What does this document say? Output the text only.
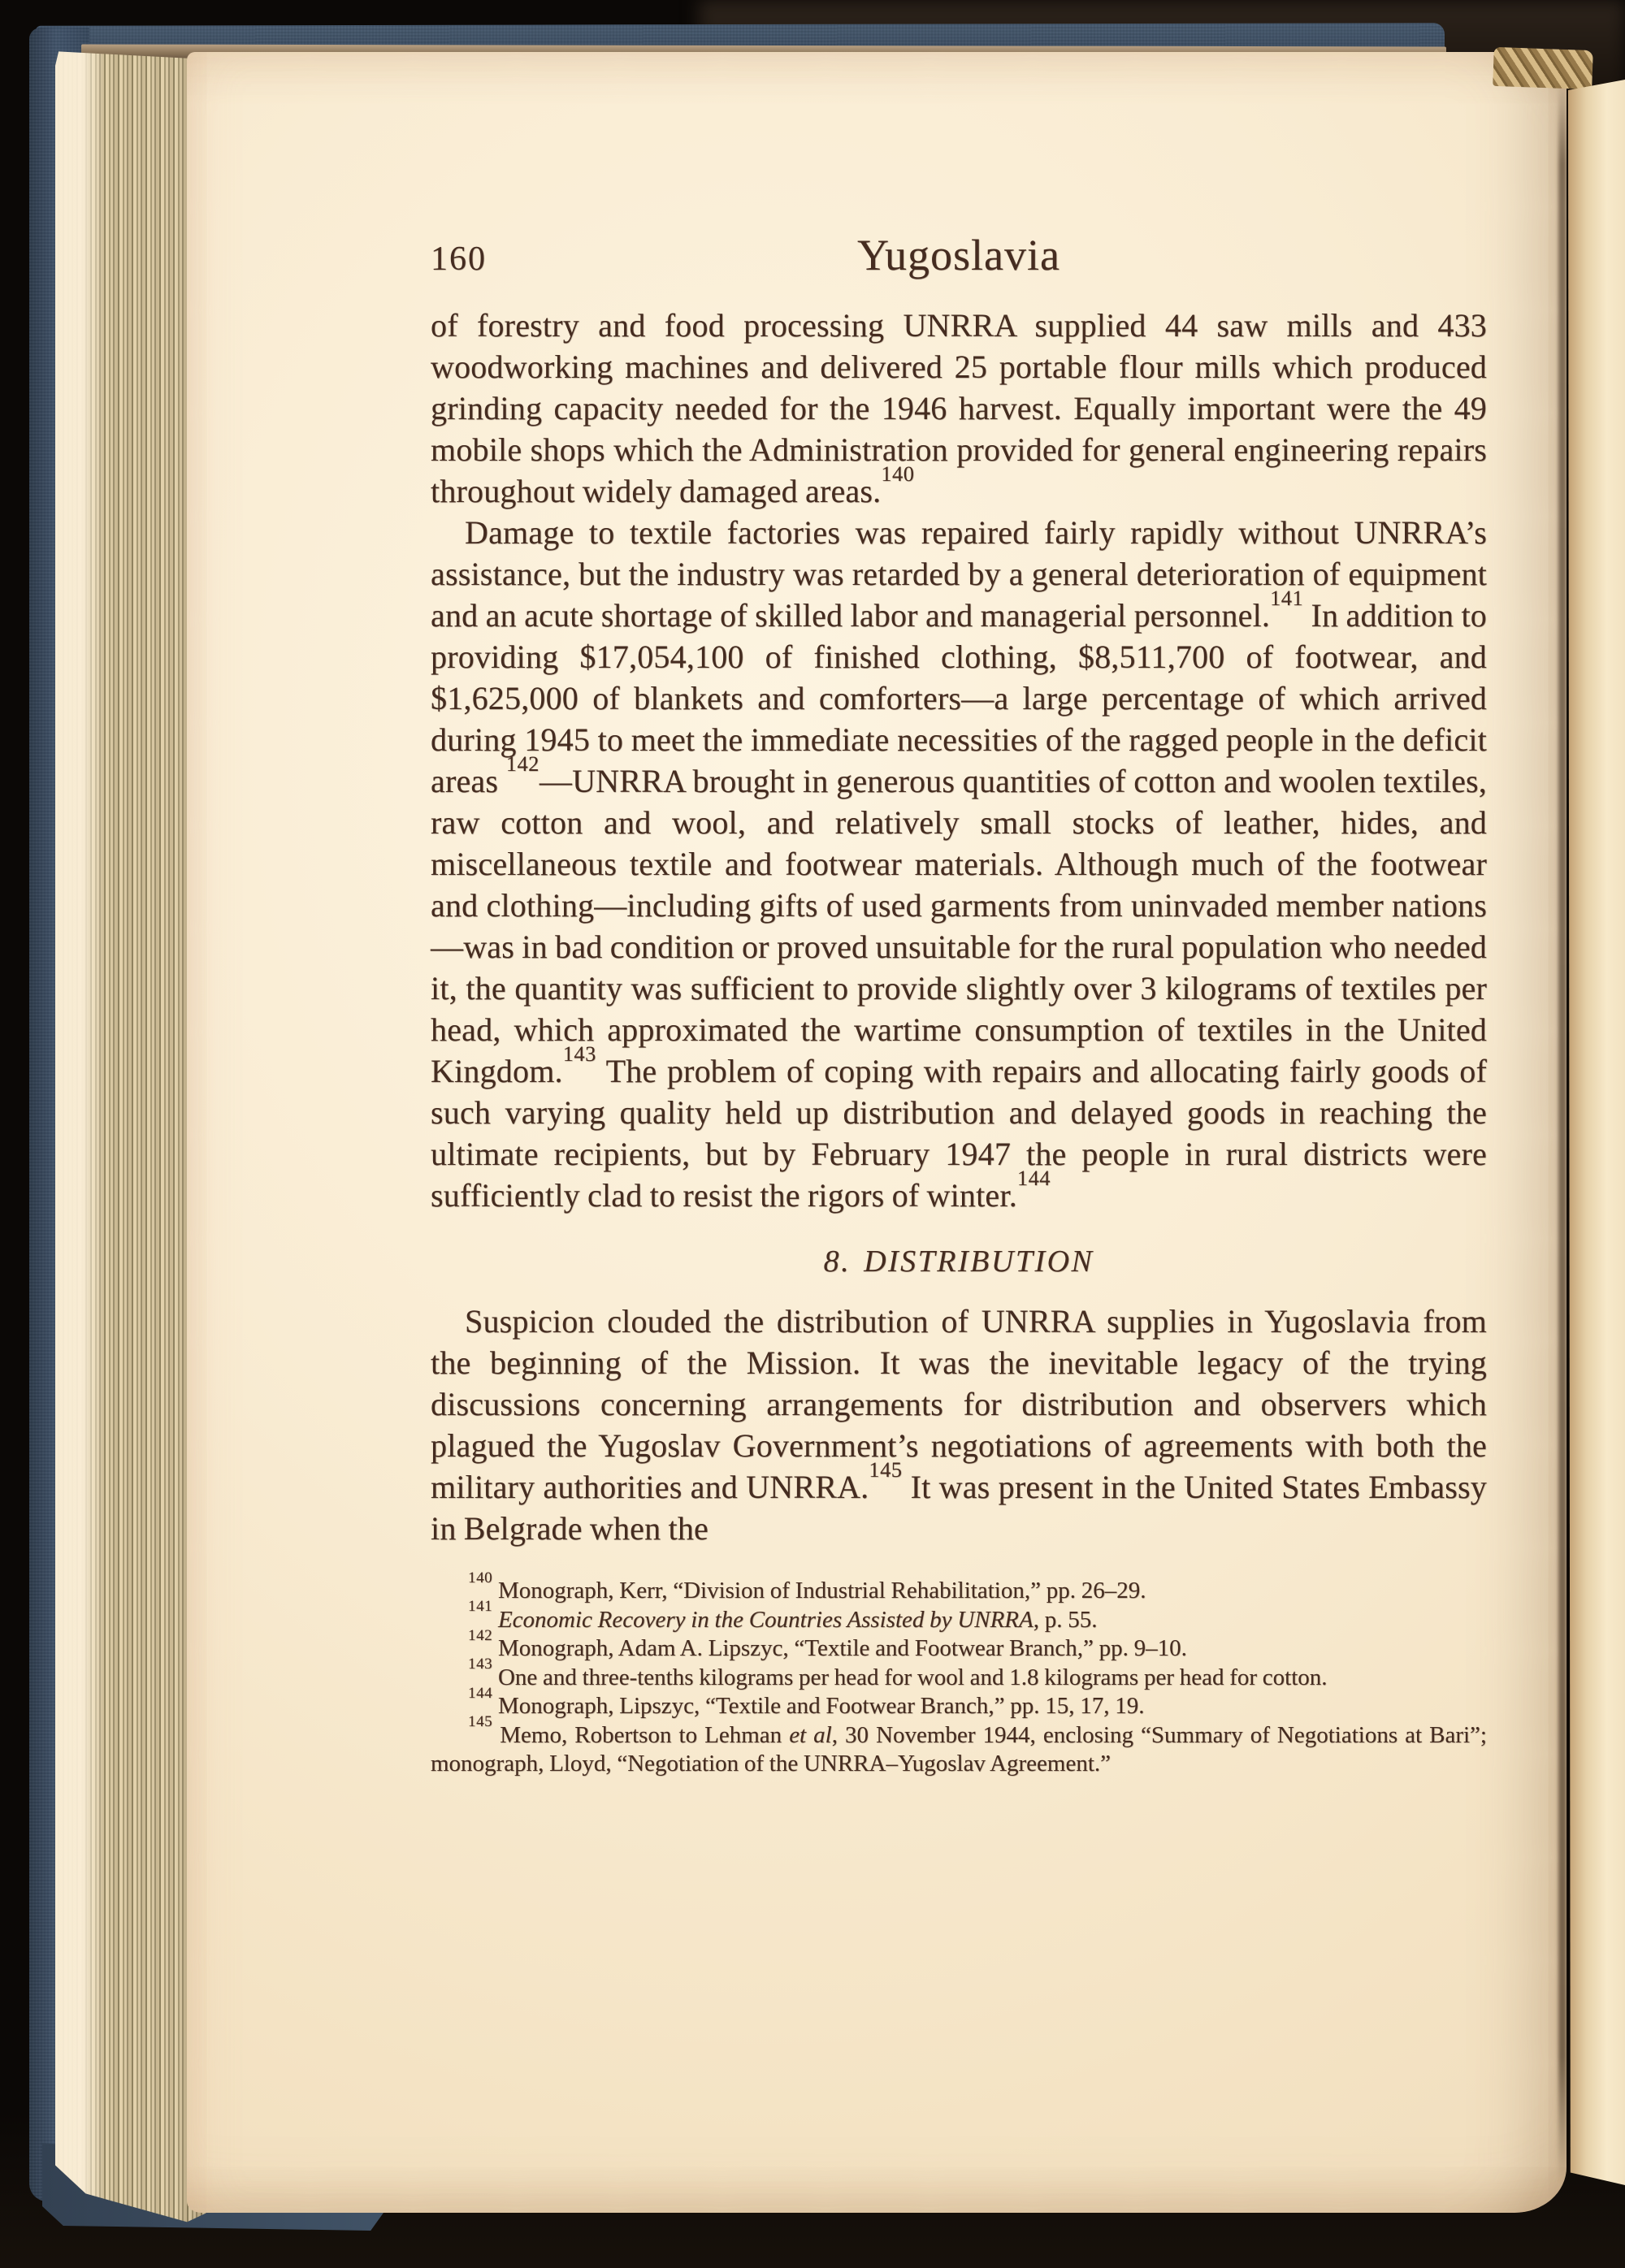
160	Yugoslavia

of forestry and food processing UNRRA supplied 44 saw mills and 433 woodworking machines and delivered 25 portable flour mills which produced grinding capacity needed for the 1946 harvest. Equally important were the 49 mobile shops which the Administration provided for general engineering repairs throughout widely damaged areas.$^{140}$

Damage to textile factories was repaired fairly rapidly without UNRRA’s assistance, but the industry was retarded by a general deterioration of equipment and an acute shortage of skilled labor and managerial personnel.$^{141}$ In addition to providing $17,054,100 of finished clothing, $8,511,700 of footwear, and $1,625,000 of blankets and comforters—a large percentage of which arrived during 1945 to meet the immediate necessities of the ragged people in the deficit areas $^{142}$—UNRRA brought in generous quantities of cotton and woolen textiles, raw cotton and wool, and relatively small stocks of leather, hides, and miscellaneous textile and footwear materials. Although much of the footwear and clothing—including gifts of used garments from uninvaded member nations—was in bad condition or proved unsuitable for the rural population who needed it, the quantity was sufficient to provide slightly over 3 kilograms of textiles per head, which approximated the wartime consumption of textiles in the United Kingdom.$^{143}$ The problem of coping with repairs and allocating fairly goods of such varying quality held up distribution and delayed goods in reaching the ultimate recipients, but by February 1947 the people in rural districts were sufficiently clad to resist the rigors of winter.$^{144}$

8. DISTRIBUTION

Suspicion clouded the distribution of UNRRA supplies in Yugoslavia from the beginning of the Mission. It was the inevitable legacy of the trying discussions concerning arrangements for distribution and observers which plagued the Yugoslav Government’s negotiations of agreements with both the military authorities and UNRRA.$^{145}$ It was present in the United States Embassy in Belgrade when the

$^{140}$ Monograph, Kerr, “Division of Industrial Rehabilitation,” pp. 26–29.

$^{141}$ Economic Recovery in the Countries Assisted by UNRRA, p. 55.

$^{142}$ Monograph, Adam A. Lipszyc, “Textile and Footwear Branch,” pp. 9–10.

$^{143}$ One and three-tenths kilograms per head for wool and 1.8 kilograms per head for cotton.

$^{144}$ Monograph, Lipszyc, “Textile and Footwear Branch,” pp. 15, 17, 19.

$^{145}$ Memo, Robertson to Lehman et al, 30 November 1944, enclosing “Summary of Negotiations at Bari”; monograph, Lloyd, “Negotiation of the UNRRA–Yugoslav Agreement.”
